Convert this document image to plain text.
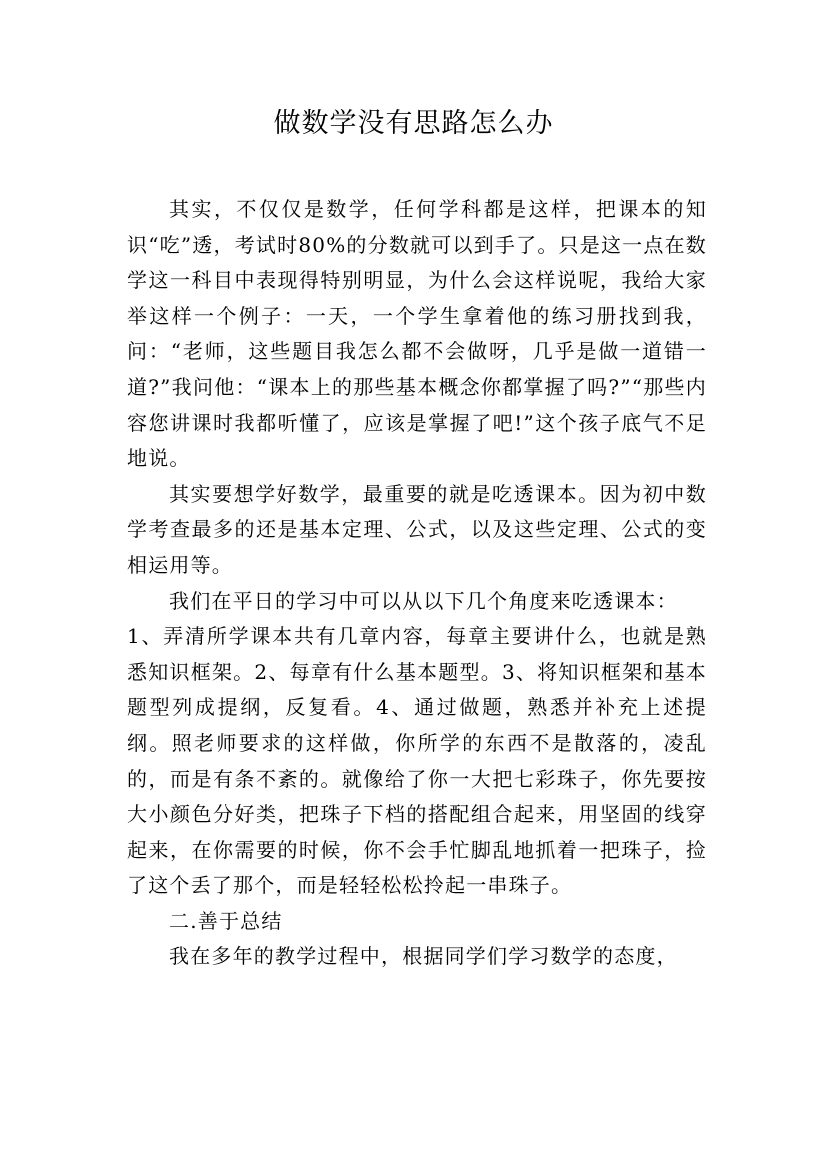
做数学没有思路怎么办

其实，不仅仅是数学，任何学科都是这样，把课本的知识“吃”透，考试时80%的分数就可以到手了。只是这一点在数学这一科目中表现得特别明显，为什么会这样说呢，我给大家举这样一个例子：一天，一个学生拿着他的练习册找到我，问：“老师，这些题目我怎么都不会做呀，几乎是做一道错一道?”我问他：“课本上的那些基本概念你都掌握了吗?”“那些内容您讲课时我都听懂了，应该是掌握了吧!”这个孩子底气不足地说。

其实要想学好数学，最重要的就是吃透课本。因为初中数学考查最多的还是基本定理、公式，以及这些定理、公式的变相运用等。

我们在平日的学习中可以从以下几个角度来吃透课本：

1、弄清所学课本共有几章内容，每章主要讲什么，也就是熟悉知识框架。2、每章有什么基本题型。3、将知识框架和基本题型列成提纲，反复看。4、通过做题，熟悉并补充上述提纲。照老师要求的这样做，你所学的东西不是散落的，凌乱的，而是有条不紊的。就像给了你一大把七彩珠子，你先要按大小颜色分好类，把珠子下档的搭配组合起来，用坚固的线穿起来，在你需要的时候，你不会手忙脚乱地抓着一把珠子，捡了这个丢了那个，而是轻轻松松拎起一串珠子。

二.善于总结

我在多年的教学过程中，根据同学们学习数学的态度，
